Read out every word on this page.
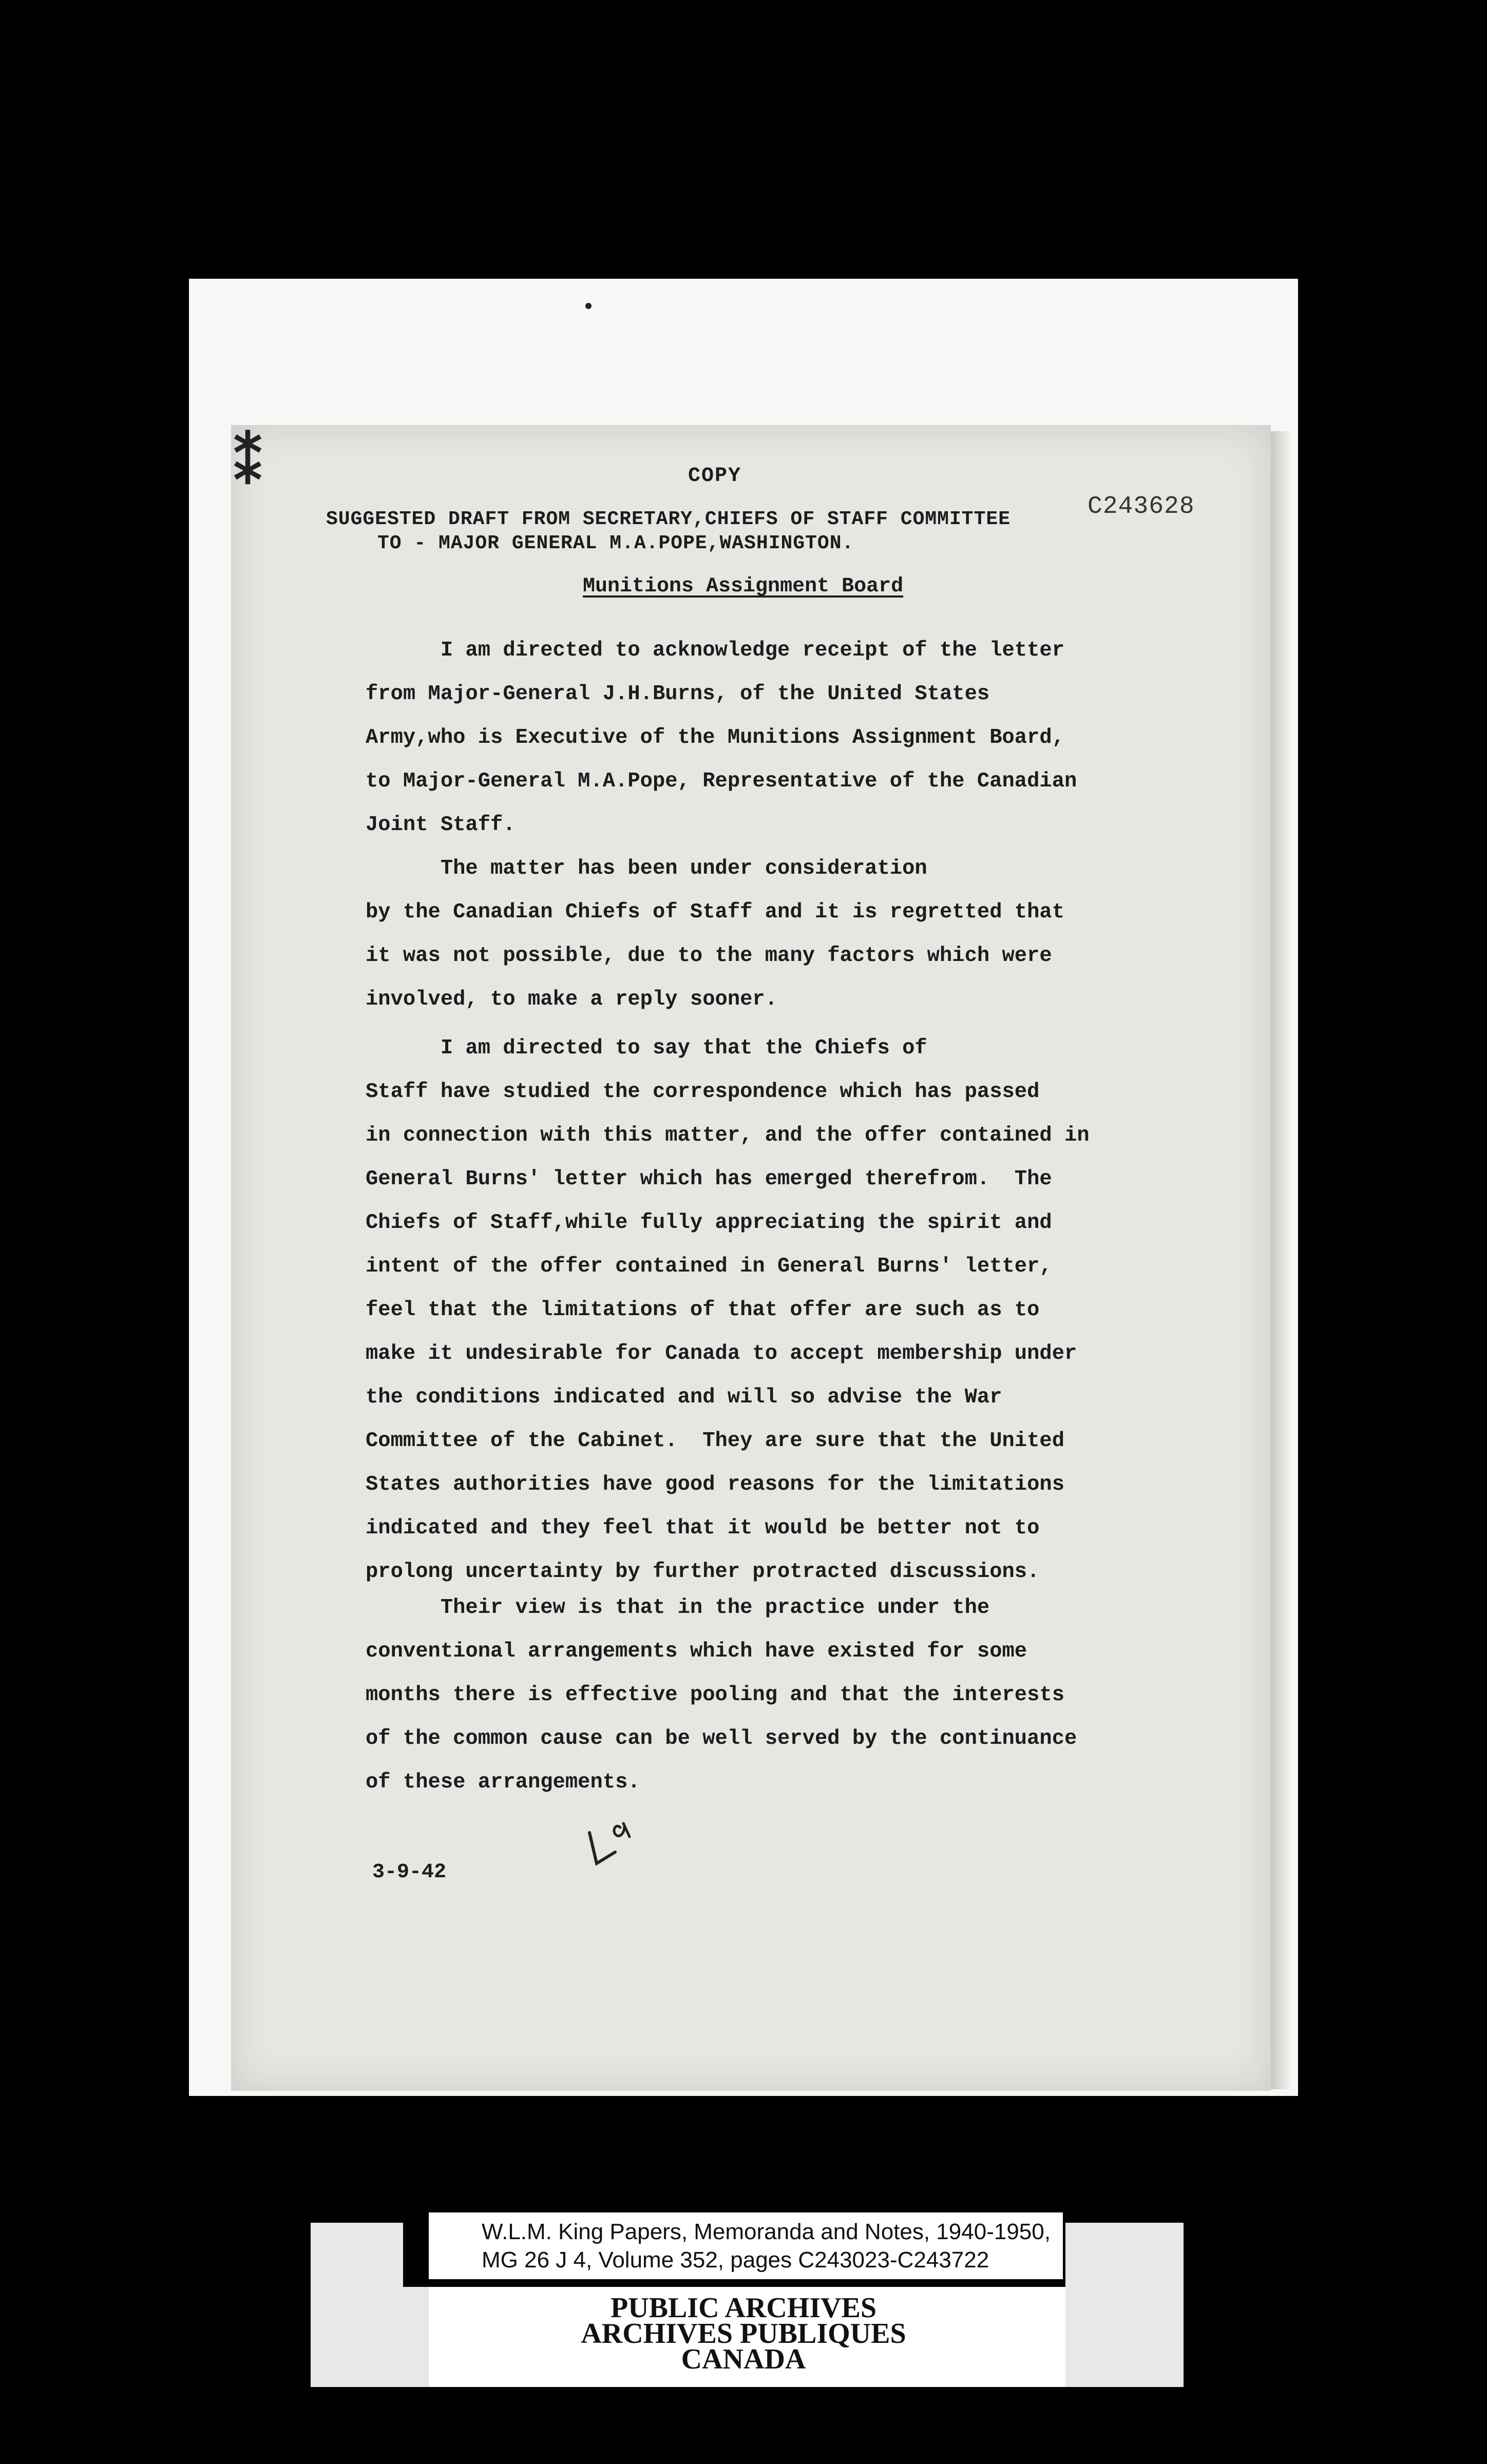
⁑	COPY
C243628
SUGGESTED DRAFT FROM SECRETARY,CHIEFS OF STAFF COMMITTEE
TO - MAJOR GENERAL M.A.POPE,WASHINGTON.
Munitions Assignment Board

I am directed to acknowledge receipt of the letter
from Major-General J.H.Burns, of the United States
Army,who is Executive of the Munitions Assignment Board,
to Major-General M.A.Pope, Representative of the Canadian
Joint Staff.

The matter has been under consideration
by the Canadian Chiefs of Staff and it is regretted that
it was not possible, due to the many factors which were
involved, to make a reply sooner.

I am directed to say that the Chiefs of
Staff have studied the correspondence which has passed
in connection with this matter, and the offer contained in
General Burns' letter which has emerged therefrom.  The
Chiefs of Staff,while fully appreciating the spirit and
intent of the offer contained in General Burns' letter,
feel that the limitations of that offer are such as to
make it undesirable for Canada to accept membership under
the conditions indicated and will so advise the War
Committee of the Cabinet.  They are sure that the United
States authorities have good reasons for the limitations
indicated and they feel that it would be better not to
prolong uncertainty by further protracted discussions.

Their view is that in the practice under the
conventional arrangements which have existed for some
months there is effective pooling and that the interests
of the common cause can be well served by the continuance
of these arrangements.

3-9-42
W.L.M. King Papers, Memoranda and Notes, 1940-1950,
MG 26 J 4, Volume 352, pages C243023-C243722
PUBLIC ARCHIVES
ARCHIVES PUBLIQUES
CANADA
